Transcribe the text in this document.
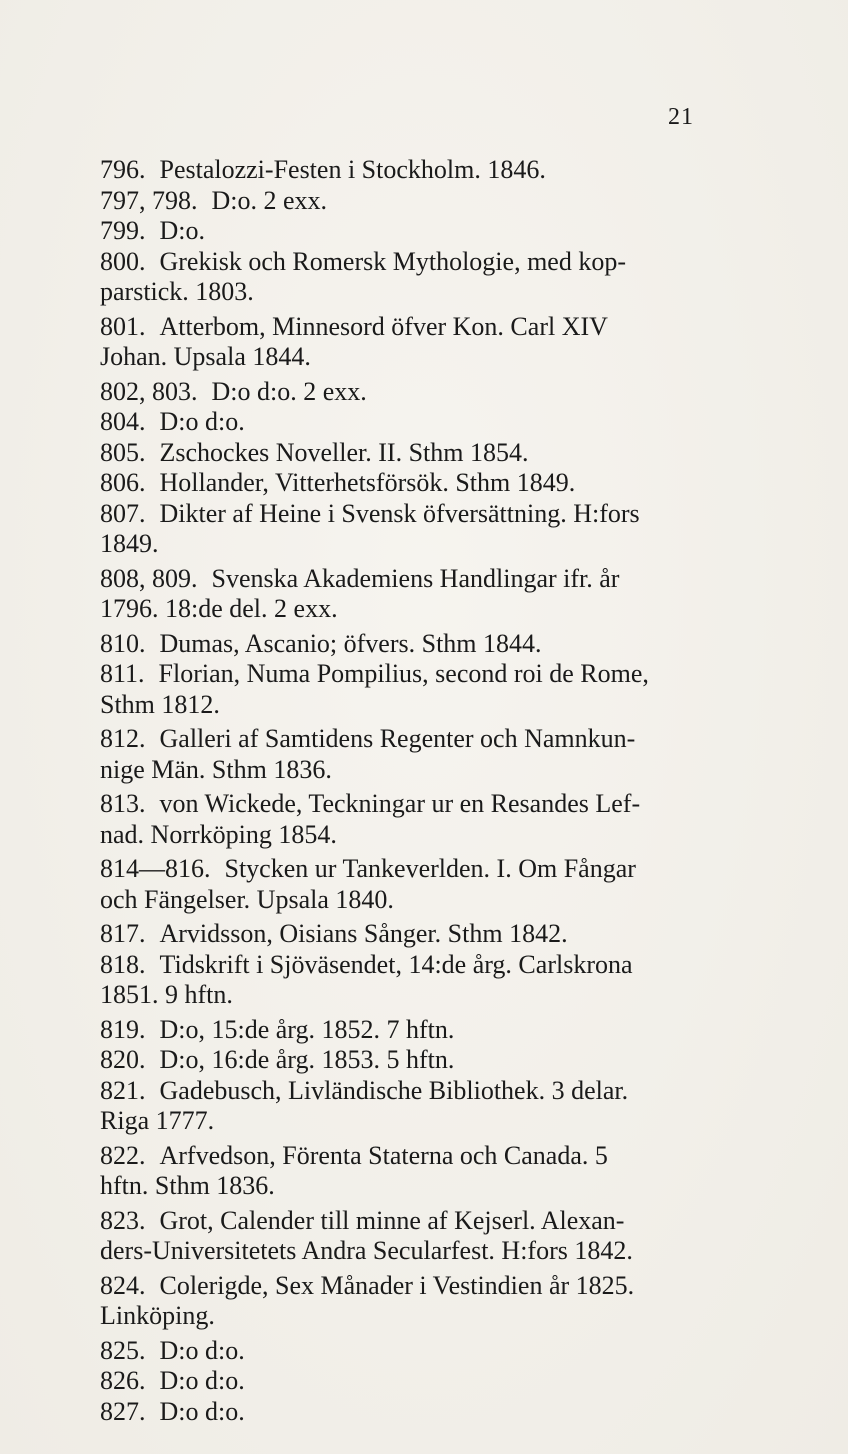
21
796. Pestalozzi-Festen i Stockholm. 1846.
797, 798. D:o. 2 exx.
799. D:o.
800. Grekisk och Romersk Mythologie, med kop-
parstick. 1803.
801. Atterbom, Minnesord öfver Kon. Carl XIV
Johan. Upsala 1844.
802, 803. D:o d:o. 2 exx.
804. D:o d:o.
805. Zschockes Noveller. II. Sthm 1854.
806. Hollander, Vitterhetsförsök. Sthm 1849.
807. Dikter af Heine i Svensk öfversättning. H:fors
1849.
808, 809. Svenska Akademiens Handlingar ifr. år
1796. 18:de del. 2 exx.
810. Dumas, Ascanio; öfvers. Sthm 1844.
811. Florian, Numa Pompilius, second roi de Rome,
Sthm 1812.
812. Galleri af Samtidens Regenter och Namnkun-
nige Män. Sthm 1836.
813. von Wickede, Teckningar ur en Resandes Lef-
nad. Norrköping 1854.
814—816. Stycken ur Tankeverlden. I. Om Fångar
och Fängelser. Upsala 1840.
817. Arvidsson, Oisians Sånger. Sthm 1842.
818. Tidskrift i Sjöväsendet, 14:de årg. Carlskrona
1851. 9 hftn.
819. D:o, 15:de årg. 1852. 7 hftn.
820. D:o, 16:de årg. 1853. 5 hftn.
821. Gadebusch, Livländische Bibliothek. 3 delar.
Riga 1777.
822. Arfvedson, Förenta Staterna och Canada. 5
hftn. Sthm 1836.
823. Grot, Calender till minne af Kejserl. Alexan-
ders-Universitetets Andra Secularfest. H:fors 1842.
824. Colerigde, Sex Månader i Vestindien år 1825.
Linköping.
825. D:o d:o.
826. D:o d:o.
827. D:o d:o.
